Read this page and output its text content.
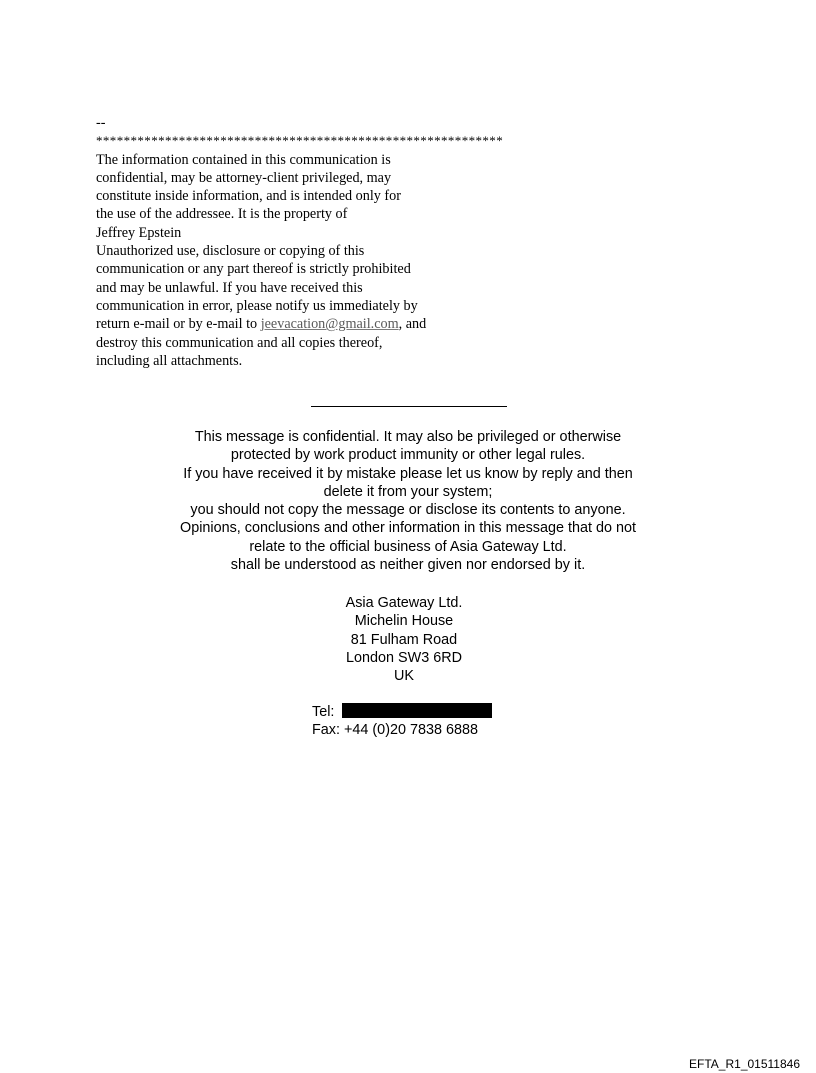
--
***********************************************************
The information contained in this communication is
confidential, may be attorney-client privileged, may
constitute inside information, and is intended only for
the use of the addressee. It is the property of
Jeffrey Epstein
Unauthorized use, disclosure or copying of this
communication or any part thereof is strictly prohibited
and may be unlawful. If you have received this
communication in error, please notify us immediately by
return e-mail or by e-mail to jeevacation@gmail.com, and
destroy this communication and all copies thereof,
including all attachments.
This message is confidential. It may also be privileged or otherwise
protected by work product immunity or other legal rules.
If you have received it by mistake please let us know by reply and then
delete it from your system;
you should not copy the message or disclose its contents to anyone.
Opinions, conclusions and other information in this message that do not
relate to the official business of Asia Gateway Ltd.
shall be understood as neither given nor endorsed by it.
Asia Gateway Ltd.
Michelin House
81 Fulham Road
London SW3 6RD
UK
Tel:
Fax: +44 (0)20 7838 6888
EFTA_R1_01511846
